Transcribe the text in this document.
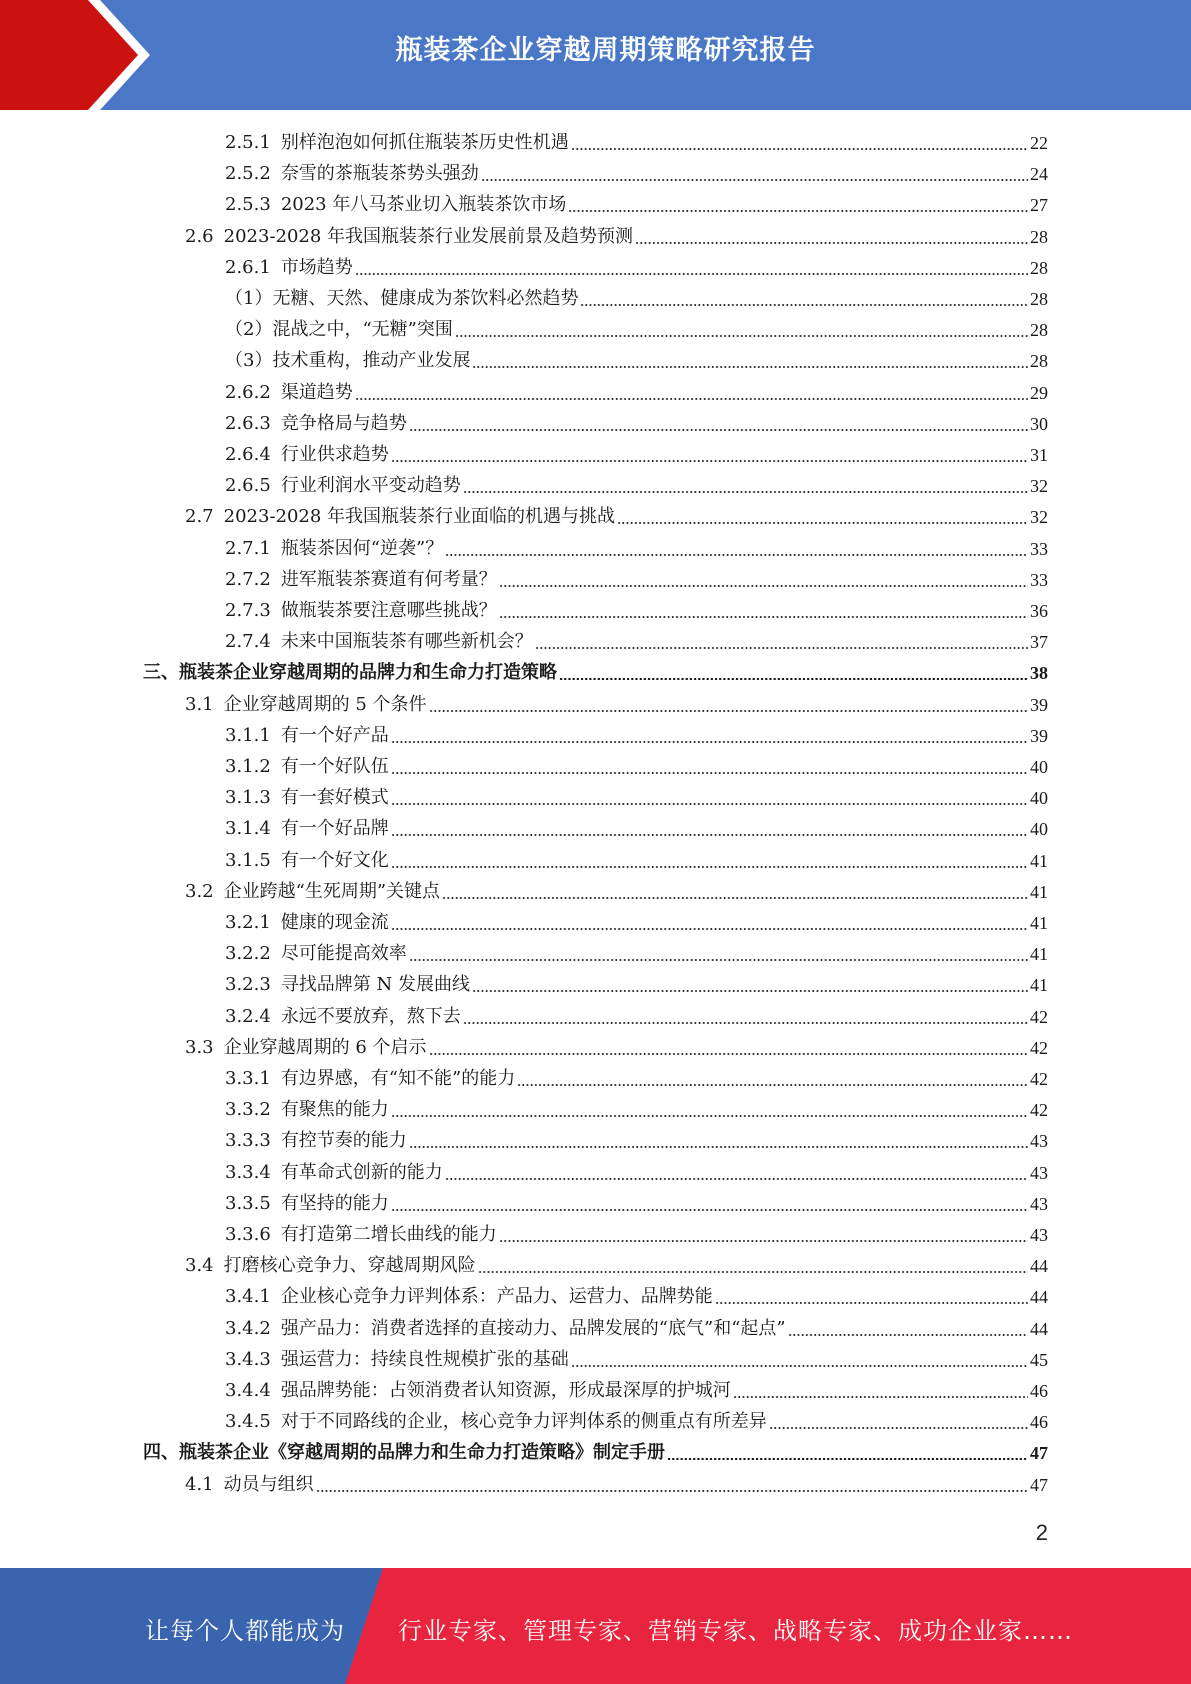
瓶装茶企业穿越周期策略研究报告
2.5.1 别样泡泡如何抓住瓶装茶历史性机遇	22
2.5.2 奈雪的茶瓶装茶势头强劲	24
2.5.3 2023 年八马茶业切入瓶装茶饮市场	27
2.6 2023-2028 年我国瓶装茶行业发展前景及趋势预测	28
2.6.1 市场趋势	28
（1） 无糖、天然、健康成为茶饮料必然趋势	28
（2） 混战之中，“无糖”突围	28
（3） 技术重构，推动产业发展	28
2.6.2 渠道趋势	29
2.6.3 竞争格局与趋势	30
2.6.4 行业供求趋势	31
2.6.5 行业利润水平变动趋势	32
2.7 2023-2028 年我国瓶装茶行业面临的机遇与挑战	32
2.7.1 瓶装茶因何“逆袭”？	33
2.7.2 进军瓶装茶赛道有何考量？	33
2.7.3 做瓶装茶要注意哪些挑战？	36
2.7.4 未来中国瓶装茶有哪些新机会？	37
三、 瓶装茶企业穿越周期的品牌力和生命力打造策略	38
3.1 企业穿越周期的 5 个条件	39
3.1.1 有一个好产品	39
3.1.2 有一个好队伍	40
3.1.3 有一套好模式	40
3.1.4 有一个好品牌	40
3.1.5 有一个好文化	41
3.2 企业跨越“生死周期”关键点	41
3.2.1 健康的现金流	41
3.2.2 尽可能提高效率	41
3.2.3 寻找品牌第 N 发展曲线	41
3.2.4 永远不要放弃，熬下去	42
3.3 企业穿越周期的 6 个启示	42
3.3.1 有边界感，有“知不能”的能力	42
3.3.2 有聚焦的能力	42
3.3.3 有控节奏的能力	43
3.3.4 有革命式创新的能力	43
3.3.5 有坚持的能力	43
3.3.6 有打造第二增长曲线的能力	43
3.4 打磨核心竞争力、穿越周期风险	44
3.4.1 企业核心竞争力评判体系：产品力、运营力、品牌势能	44
3.4.2 强产品力：消费者选择的直接动力、品牌发展的“底气”和“起点”	44
3.4.3 强运营力：持续良性规模扩张的基础	45
3.4.4 强品牌势能：占领消费者认知资源，形成最深厚的护城河	46
3.4.5 对于不同路线的企业，核心竞争力评判体系的侧重点有所差异	46
四、 瓶装茶企业《穿越周期的品牌力和生命力打造策略》制定手册	47
4.1 动员与组织	47
2
让每个人都能成为 行业专家、管理专家、营销专家、战略专家、成功企业家……
